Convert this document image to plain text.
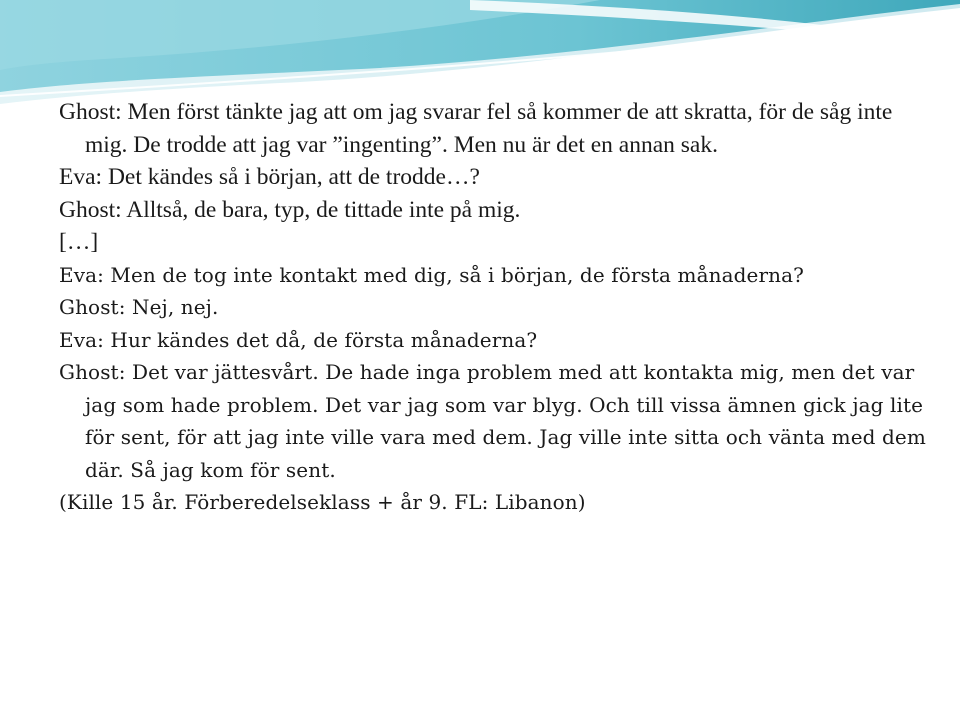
Ghost: Men först tänkte jag att om jag svarar fel så kommer de att skratta, för de såg inte mig. De trodde att jag var ”ingenting”. Men nu är det en annan sak.

Eva: Det kändes så i början, att de trodde…?

Ghost: Alltså, de bara, typ, de tittade inte på mig.

[…]

Eva: Men de tog inte kontakt med dig, så i början, de första månaderna?

Ghost: Nej, nej.

Eva: Hur kändes det då, de första månaderna?

Ghost: Det var jättesvårt. De hade inga problem med att kontakta mig, men det var jag som hade problem. Det var jag som var blyg. Och till vissa ämnen gick jag lite för sent, för att jag inte ville vara med dem. Jag ville inte sitta och vänta med dem där. Så jag kom för sent.

(Kille 15 år. Förberedelseklass + år 9. FL: Libanon)
